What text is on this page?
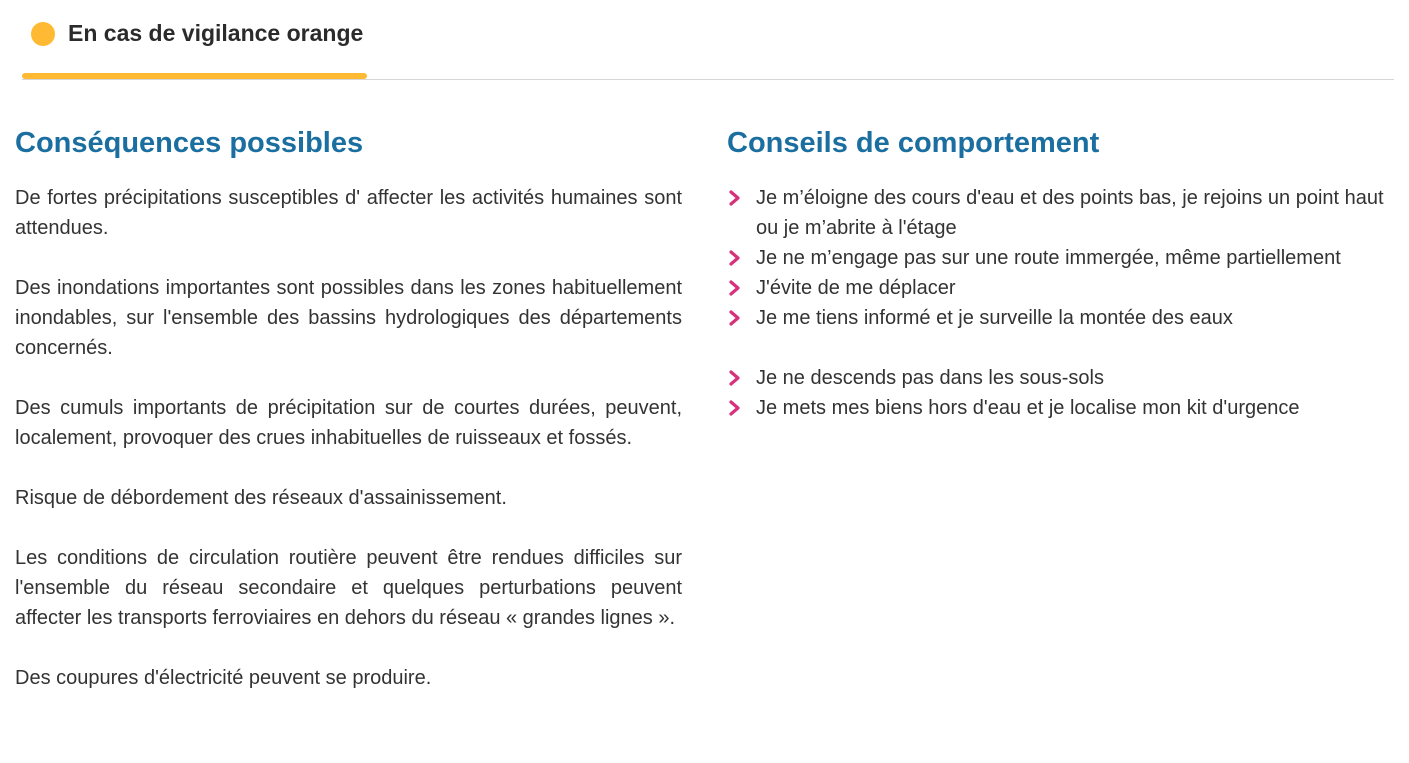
En cas de vigilance orange
Conséquences possibles

De fortes précipitations susceptibles d' affecter les activités humaines sont attendues.

Des inondations importantes sont possibles dans les zones habituellement inondables, sur l'ensemble des bassins hydrologiques des départements concernés.

Des cumuls importants de précipitation sur de courtes durées, peuvent, localement, provoquer des crues inhabituelles de ruisseaux et fossés.

Risque de débordement des réseaux d'assainissement.

Les conditions de circulation routière peuvent être rendues difficiles sur l'ensemble du réseau secondaire et quelques perturbations peuvent affecter les transports ferroviaires en dehors du réseau « grandes lignes ».

Des coupures d'électricité peuvent se produire.

Conseils de comportement
Je m’éloigne des cours d'eau et des points bas, je rejoins un point haut ou je m’abrite à l'étage
Je ne m’engage pas sur une route immergée, même partiellement
J'évite de me déplacer
Je me tiens informé et je surveille la montée des eaux
Je ne descends pas dans les sous-sols
Je mets mes biens hors d'eau et je localise mon kit d'urgence
